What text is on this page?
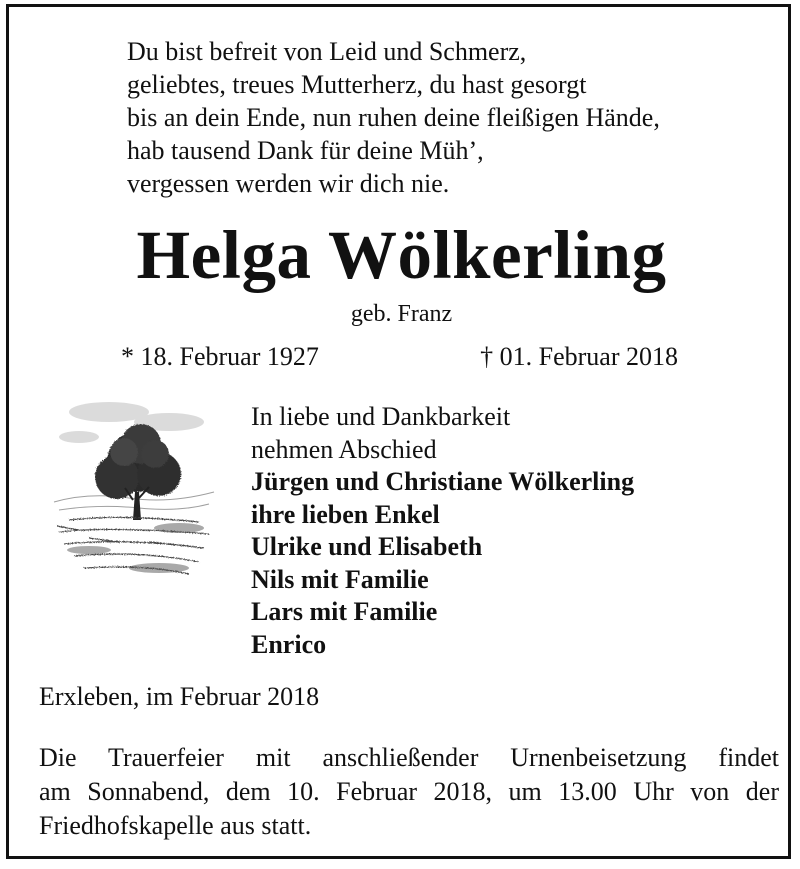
Du bist befreit von Leid und Schmerz,
geliebtes, treues Mutterherz, du hast gesorgt
bis an dein Ende, nun ruhen deine fleißigen Hände,
hab tausend Dank für deine Müh’,
vergessen werden wir dich nie.
Helga Wölkerling
geb. Franz
* 18. Februar 1927	† 01. Februar 2018
In liebe und Dankbarkeit
nehmen Abschied
Jürgen und Christiane Wölkerling
ihre lieben Enkel
Ulrike und Elisabeth
Nils mit Familie
Lars mit Familie
Enrico
Erxleben, im Februar 2018
Die Trauerfeier mit anschließender Urnenbeisetzung findet
am Sonnabend, dem 10. Februar 2018, um 13.00 Uhr von der
Friedhofskapelle aus statt.
